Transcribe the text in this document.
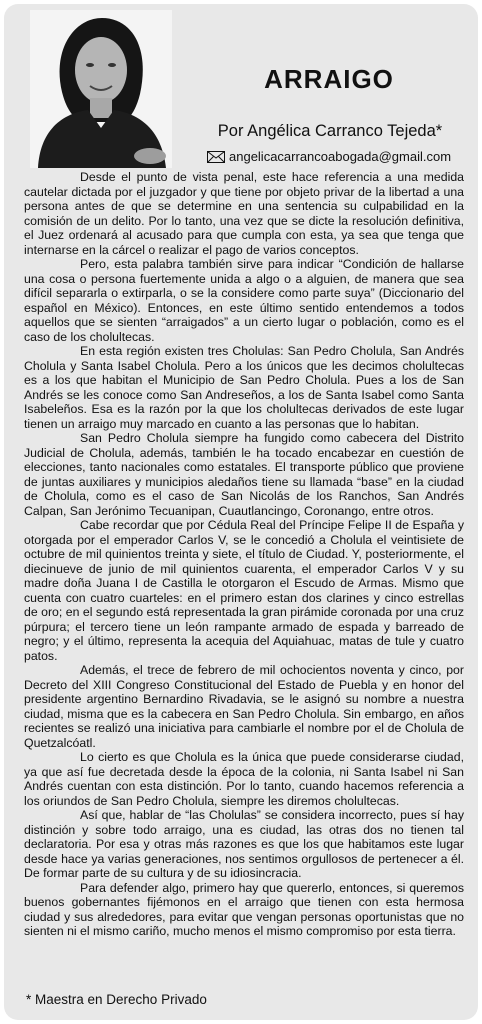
ARRAIGO
Por Angélica Carranco Tejeda*
angelicacarrancoabogada@gmail.com

Desde el punto de vista penal, este hace referencia a una medida cautelar dictada por el juzgador y que tiene por objeto privar de la libertad a una persona antes de que se determine en una sentencia su culpabilidad en la comisión de un delito. Por lo tanto, una vez que se dicte la resolución definitiva, el Juez ordenará al acusado para que cumpla con esta, ya sea que tenga que internarse en la cárcel o realizar el pago de varios conceptos.

Pero, esta palabra también sirve para indicar “Condición de hallarse una cosa o persona fuertemente unida a algo o a alguien, de manera que sea difícil separarla o extirparla, o se la considere como parte suya” (Diccionario del español en México). Entonces, en este último sentido entendemos a todos aquellos que se sienten “arraigados” a un cierto lugar o población, como es el caso de los cholultecas.

En esta región existen tres Cholulas: San Pedro Cholula, San Andrés Cholula y Santa Isabel Cholula. Pero a los únicos que les decimos cholultecas es a los que habitan el Municipio de San Pedro Cholula. Pues a los de San Andrés se les conoce como San Andreseños, a los de Santa Isabel como Santa Isabeleños. Esa es la razón por la que los cholultecas derivados de este lugar tienen un arraigo muy marcado en cuanto a las personas que lo habitan.

San Pedro Cholula siempre ha fungido como cabecera del Distrito Judicial de Cholula, además, también le ha tocado encabezar en cuestión de elecciones, tanto nacionales como estatales. El transporte público que proviene de juntas auxiliares y municipios aledaños tiene su llamada “base” en la ciudad de Cholula, como es el caso de San Nicolás de los Ranchos, San Andrés Calpan, San Jerónimo Tecuanipan, Cuautlancingo, Coronango, entre otros.

Cabe recordar que por Cédula Real del Príncipe Felipe II de España y otorgada por el emperador Carlos V, se le concedió a Cholula el veintisiete de octubre de mil quinientos treinta y siete, el título de Ciudad. Y, posteriormente, el diecinueve de junio de mil quinientos cuarenta, el emperador Carlos V y su madre doña Juana I de Castilla le otorgaron el Escudo de Armas. Mismo que cuenta con cuatro cuarteles: en el primero estan dos clarines y cinco estrellas de oro; en el segundo está representada la gran pirámide coronada por una cruz púrpura; el tercero tiene un león rampante armado de espada y barreado de negro; y el último, representa la acequia del Aquiahuac, matas de tule y cuatro patos.

Además, el trece de febrero de mil ochocientos noventa y cinco, por Decreto del XIII Congreso Constitucional del Estado de Puebla y en honor del presidente argentino Bernardino Rivadavia, se le asignó su nombre a nuestra ciudad, misma que es la cabecera en San Pedro Cholula. Sin embargo, en años recientes se realizó una iniciativa para cambiarle el nombre por el de Cholula de Quetzalcóatl.

Lo cierto es que Cholula es la única que puede considerarse ciudad, ya que así fue decretada desde la época de la colonia, ni Santa Isabel ni San Andrés cuentan con esta distinción. Por lo tanto, cuando hacemos referencia a los oriundos de San Pedro Cholula, siempre les diremos cholultecas.

Así que, hablar de “las Cholulas” se considera incorrecto, pues sí hay distinción y sobre todo arraigo, una es ciudad, las otras dos no tienen tal declaratoria. Por esa y otras más razones es que los que habitamos este lugar desde hace ya varias generaciones, nos sentimos orgullosos de pertenecer a él. De formar parte de su cultura y de su idiosincracia.

Para defender algo, primero hay que quererlo, entonces, si queremos buenos gobernantes fijémonos en el arraigo que tienen con esta hermosa ciudad y sus alrededores, para evitar que vengan personas oportunistas que no sienten ni el mismo cariño, mucho menos el mismo compromiso por esta tierra.

* Maestra en Derecho Privado
